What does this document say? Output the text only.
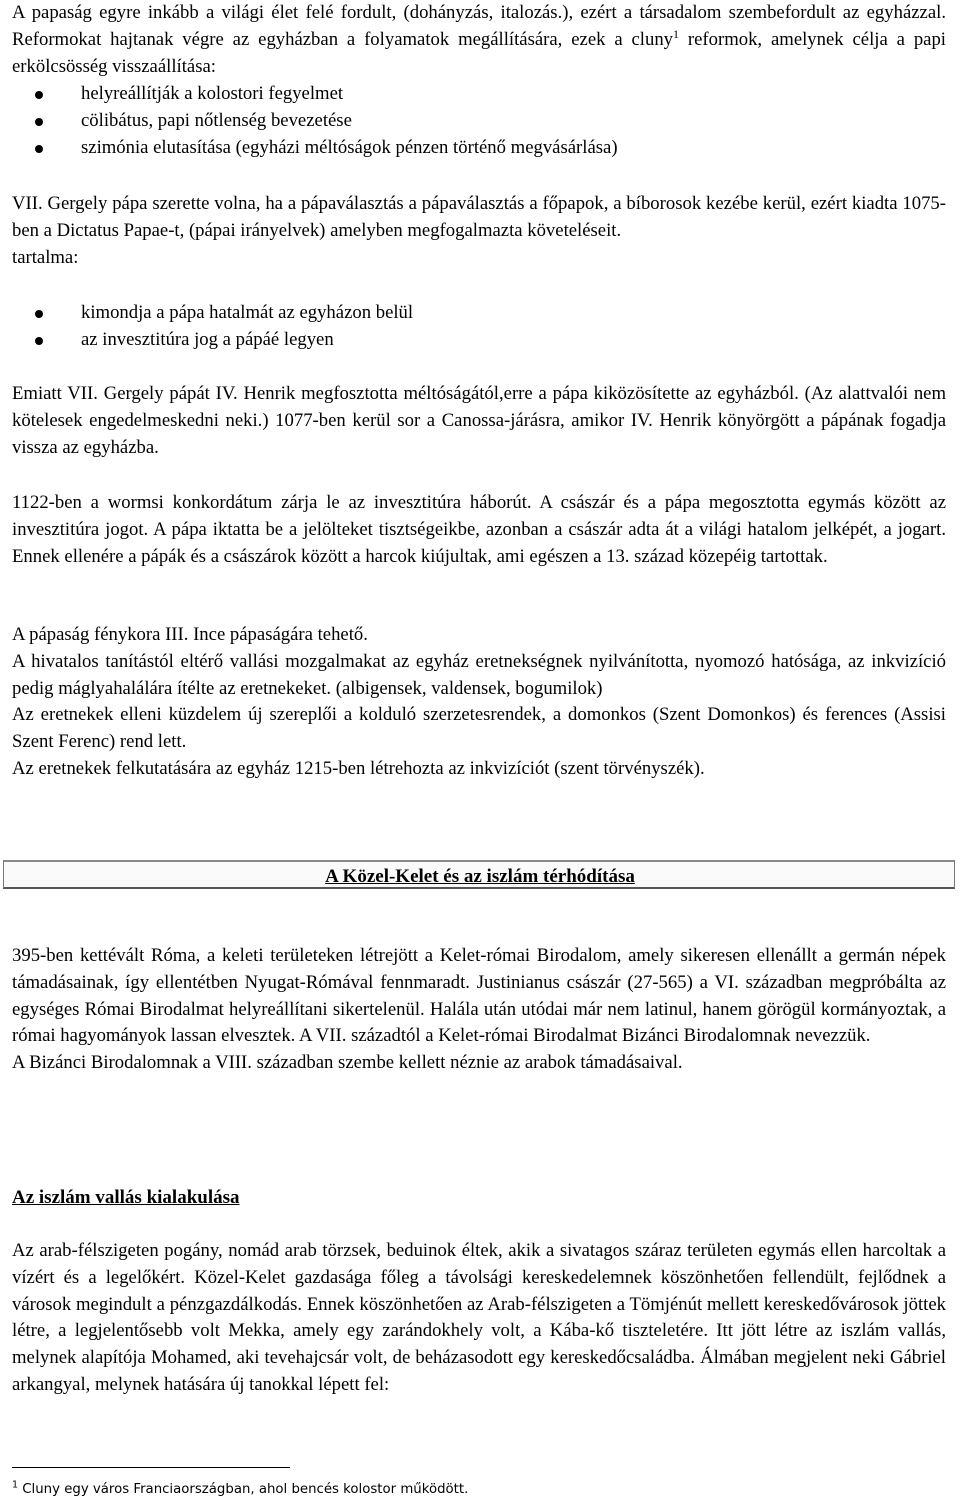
A papaság egyre inkább a világi élet felé fordult, (dohányzás, italozás.), ezért a társadalom szembefordult az egyházzal. Reformokat hajtanak végre az egyházban a folyamatok megállítására, ezek a cluny$^1$ reformok, amelynek célja a papi erkölcsösség visszaállítása:

helyreállítják a kolostori fegyelmet
cölibátus, papi nőtlenség bevezetése
szimónia elutasítása (egyházi méltóságok pénzen történő megvásárlása)

VII. Gergely pápa szerette volna, ha a pápaválasztás a pápaválasztás a főpapok, a bíborosok kezébe kerül, ezért kiadta 1075-ben a Dictatus Papae-t, (pápai irányelvek) amelyben megfogalmazta követeléseit.

tartalma:

kimondja a pápa hatalmát az egyházon belül
az invesztitúra jog a pápáé legyen

Emiatt VII. Gergely pápát IV. Henrik megfosztotta méltóságától,erre a pápa kiközösítette az egyházból. (Az alattvalói nem kötelesek engedelmeskedni neki.) 1077-ben kerül sor a Canossa-járásra, amikor IV. Henrik könyörgött a pápának fogadja vissza az egyházba.

1122-ben a wormsi konkordátum zárja le az invesztitúra háborút. A császár és a pápa megosztotta egymás között az invesztitúra jogot. A pápa iktatta be a jelölteket tisztségeikbe, azonban a császár adta át a világi hatalom jelképét, a jogart. Ennek ellenére a pápák és a császárok között a harcok kiújultak, ami egészen a 13. század közepéig tartottak.

A pápaság fénykora III. Ince pápaságára tehető.

A hivatalos tanítástól eltérő vallási mozgalmakat az egyház eretnekségnek nyilvánította, nyomozó hatósága, az inkvizíció pedig máglyahalálára ítélte az eretnekeket. (albigensek, valdensek, bogumilok)

Az eretnekek elleni küzdelem új szereplői a kolduló szerzetesrendek, a domonkos (Szent Domonkos) és ferences (Assisi Szent Ferenc) rend lett.

Az eretnekek felkutatására az egyház 1215-ben létrehozta az inkvizíciót (szent törvényszék).

A Közel-Kelet és az iszlám térhódítása

395-ben kettévált Róma, a keleti területeken létrejött a Kelet-római Birodalom, amely sikeresen ellenállt a germán népek támadásainak, így ellentétben Nyugat-Rómával fennmaradt. Justinianus császár (27-565) a VI. században megpróbálta az egységes Római Birodalmat helyreállítani sikertelenül. Halála után utódai már nem latinul, hanem görögül kormányoztak, a római hagyományok lassan elvesztek. A VII. századtól a Kelet-római Birodalmat Bizánci Birodalomnak nevezzük.

A Bizánci Birodalomnak a VIII. században szembe kellett néznie az arabok támadásaival.

Az iszlám vallás kialakulása

Az arab-félszigeten pogány, nomád arab törzsek, beduinok éltek, akik a sivatagos száraz területen egymás ellen harcoltak a vízért és a legelőkért. Közel-Kelet gazdasága főleg a távolsági kereskedelemnek köszönhetően fellendült, fejlődnek a városok megindult a pénzgazdálkodás. Ennek köszönhetően az Arab-félszigeten a Tömjénút mellett kereskedővárosok jöttek létre, a legjelentősebb volt Mekka, amely egy zarándokhely volt, a Kába-kő tiszteletére. Itt jött létre az iszlám vallás, melynek alapítója Mohamed, aki tevehajcsár volt, de beházasodott egy kereskedőcsaládba. Álmában megjelent neki Gábriel arkangyal, melynek hatására új tanokkal lépett fel:

$^1$ Cluny egy város Franciaországban, ahol bencés kolostor működött.
